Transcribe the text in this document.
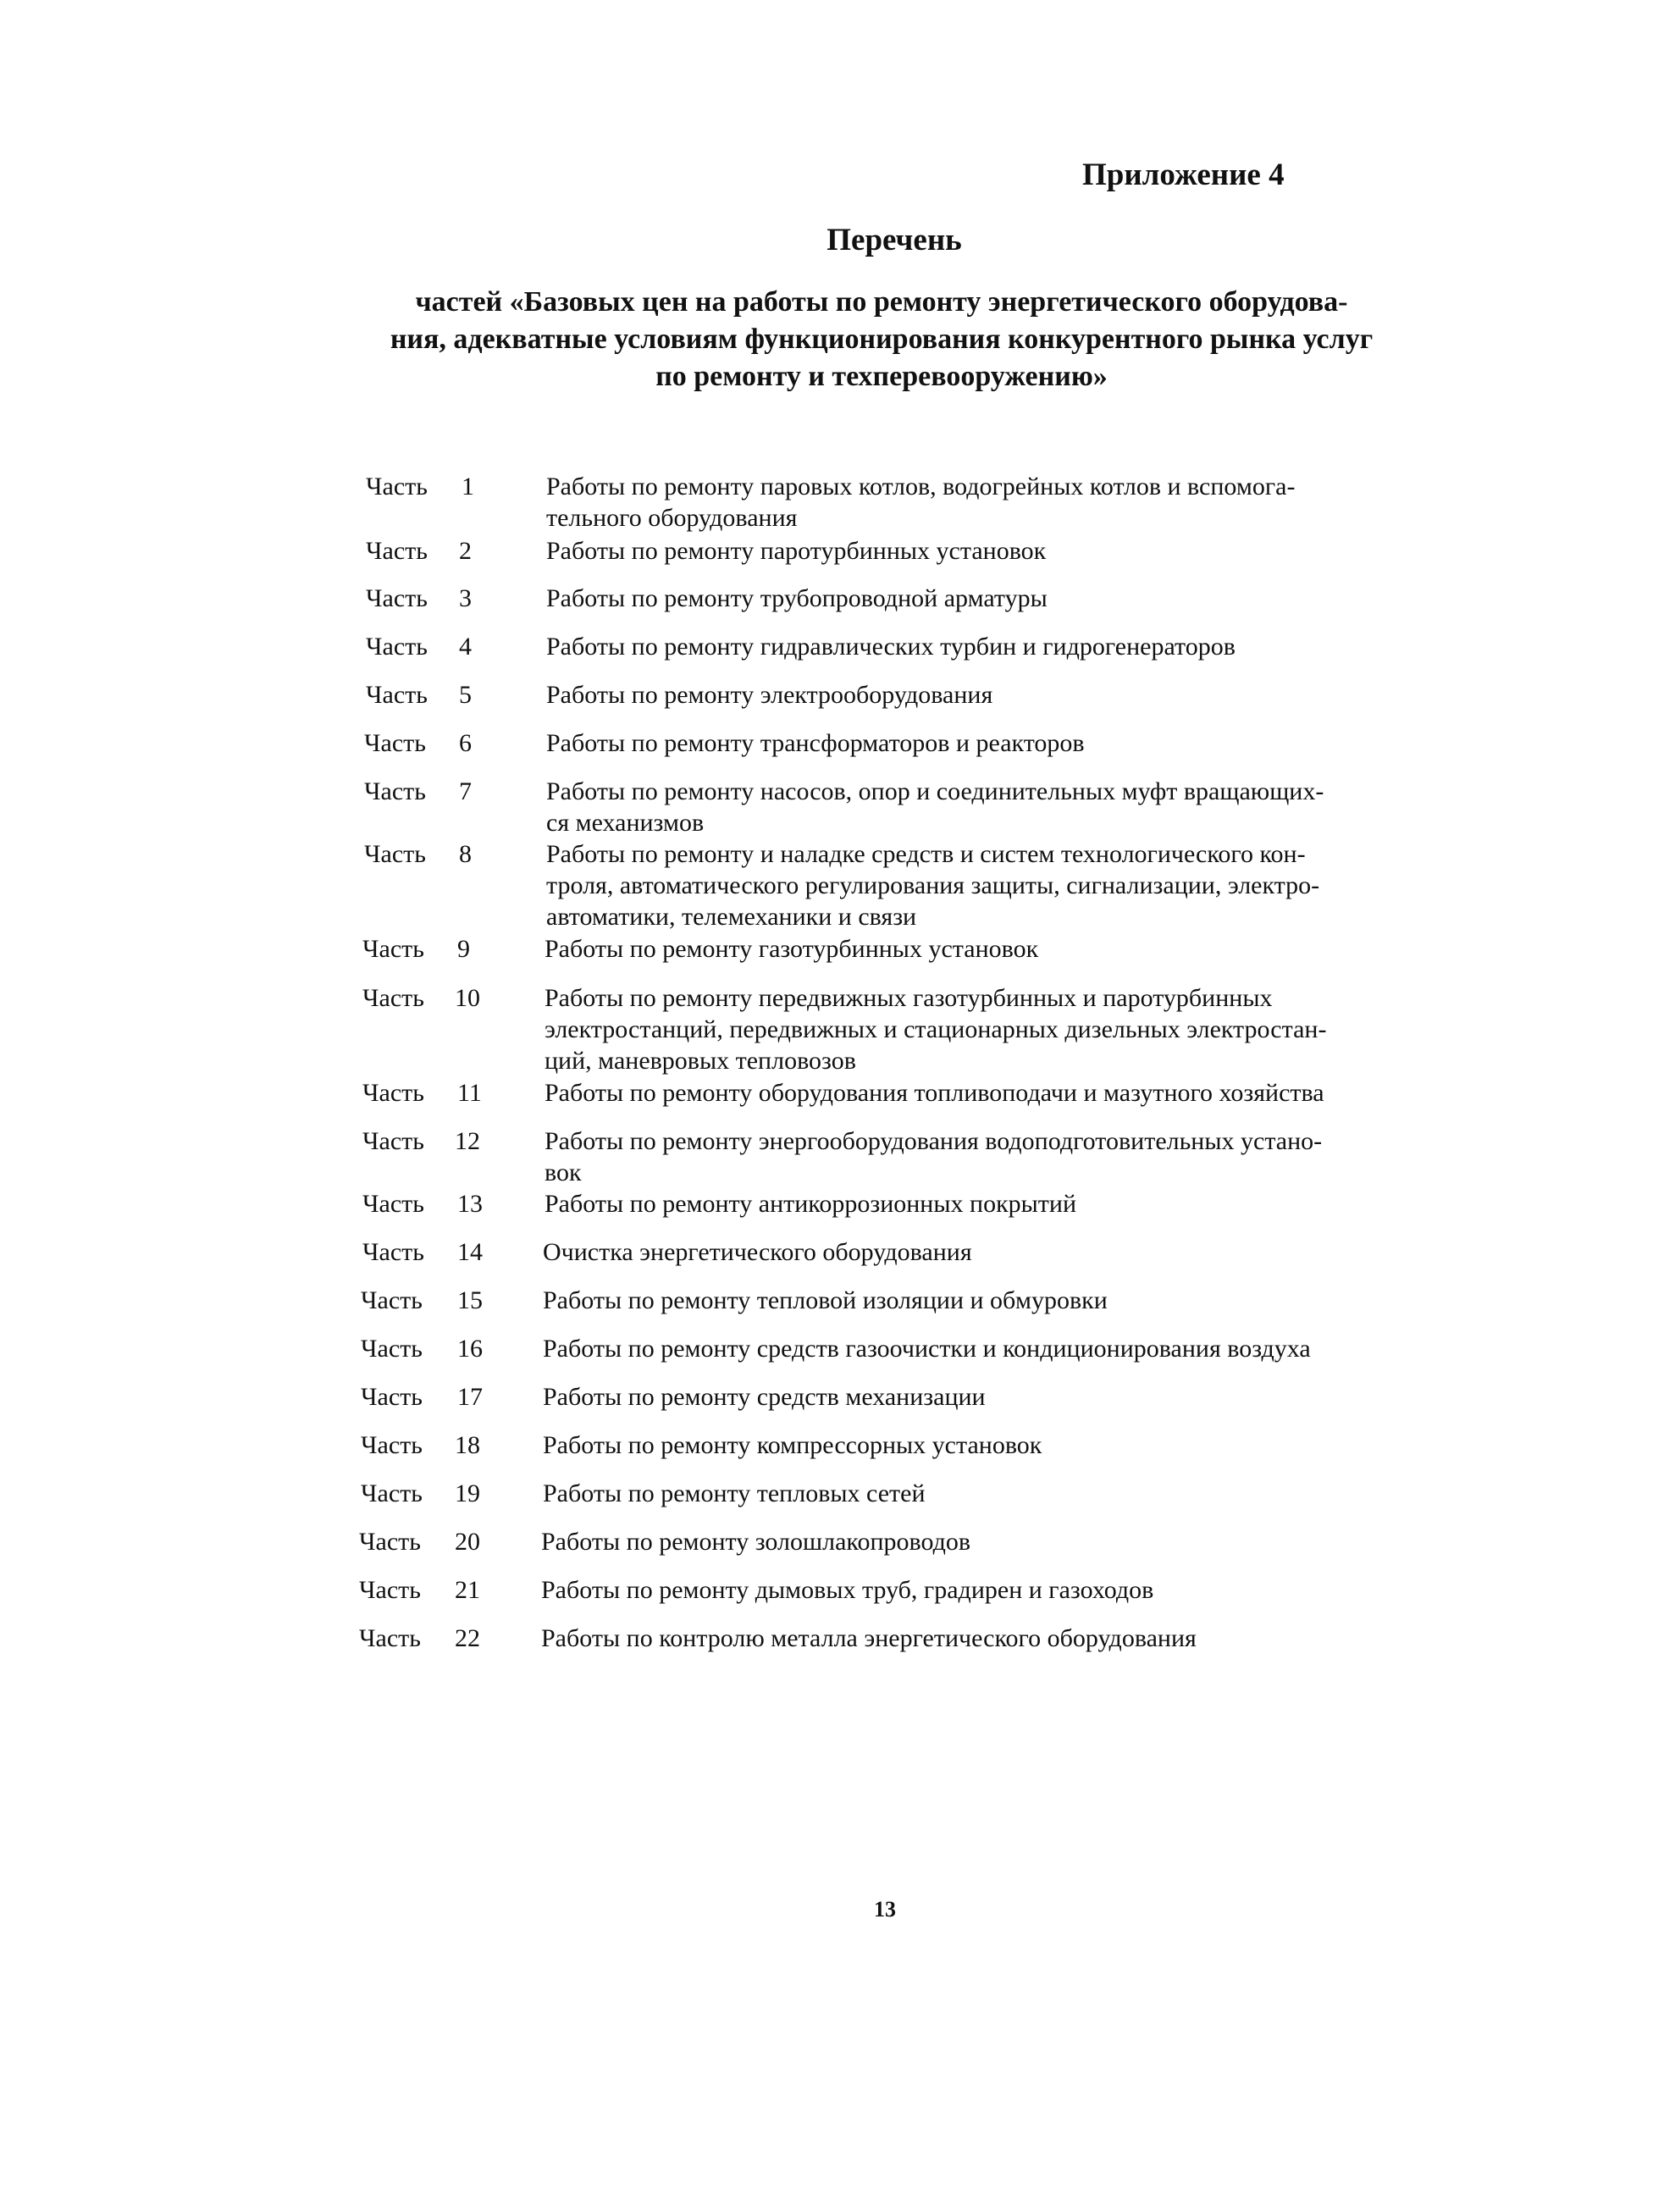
Приложение 4
Перечень
частей «Базовых цен на работы по ремонту энергетического оборудова-
ния, адекватные условиям функционирования конкурентного рынка услуг
по ремонту и техперевооружению»
Часть 1	Работы по ремонту паровых котлов, водогрейных котлов и вспомога-
тельного оборудования
Часть 2	Работы по ремонту паротурбинных установок
Часть 3	Работы по ремонту трубопроводной арматуры
Часть 4	Работы по ремонту гидравлических турбин и гидрогенераторов
Часть 5	Работы по ремонту электрооборудования
Часть 6	Работы по ремонту трансформаторов и реакторов
Часть 7	Работы по ремонту насосов, опор и соединительных муфт вращающих-
ся механизмов
Часть 8	Работы по ремонту и наладке средств и систем технологического кон-
троля, автоматического регулирования защиты, сигнализации, электро-
автоматики, телемеханики и связи
Часть 9	Работы по ремонту газотурбинных установок
Часть 10	Работы по ремонту передвижных газотурбинных и паротурбинных
электростанций, передвижных и стационарных дизельных электростан-
ций, маневровых тепловозов
Часть 11 Работы по ремонту оборудования топливоподачи и мазутного хозяйства
Часть 12	Работы по ремонту энергооборудования водоподготовительных устано-
вок
Часть 13 Работы по ремонту антикоррозионных покрытий
Часть 14 Очистка энергетического оборудования
Часть 15 Работы по ремонту тепловой изоляции и обмуровки
Часть 16 Работы по ремонту средств газоочистки и кондиционирования воздуха
Часть 17 Работы по ремонту средств механизации
Часть 18 Работы по ремонту компрессорных установок
Часть 19 Работы по ремонту тепловых сетей
Часть 20 Работы по ремонту золошлакопроводов
Часть 21 Работы по ремонту дымовых труб, градирен и газоходов
Часть 22 Работы по контролю металла энергетического оборудования
13
